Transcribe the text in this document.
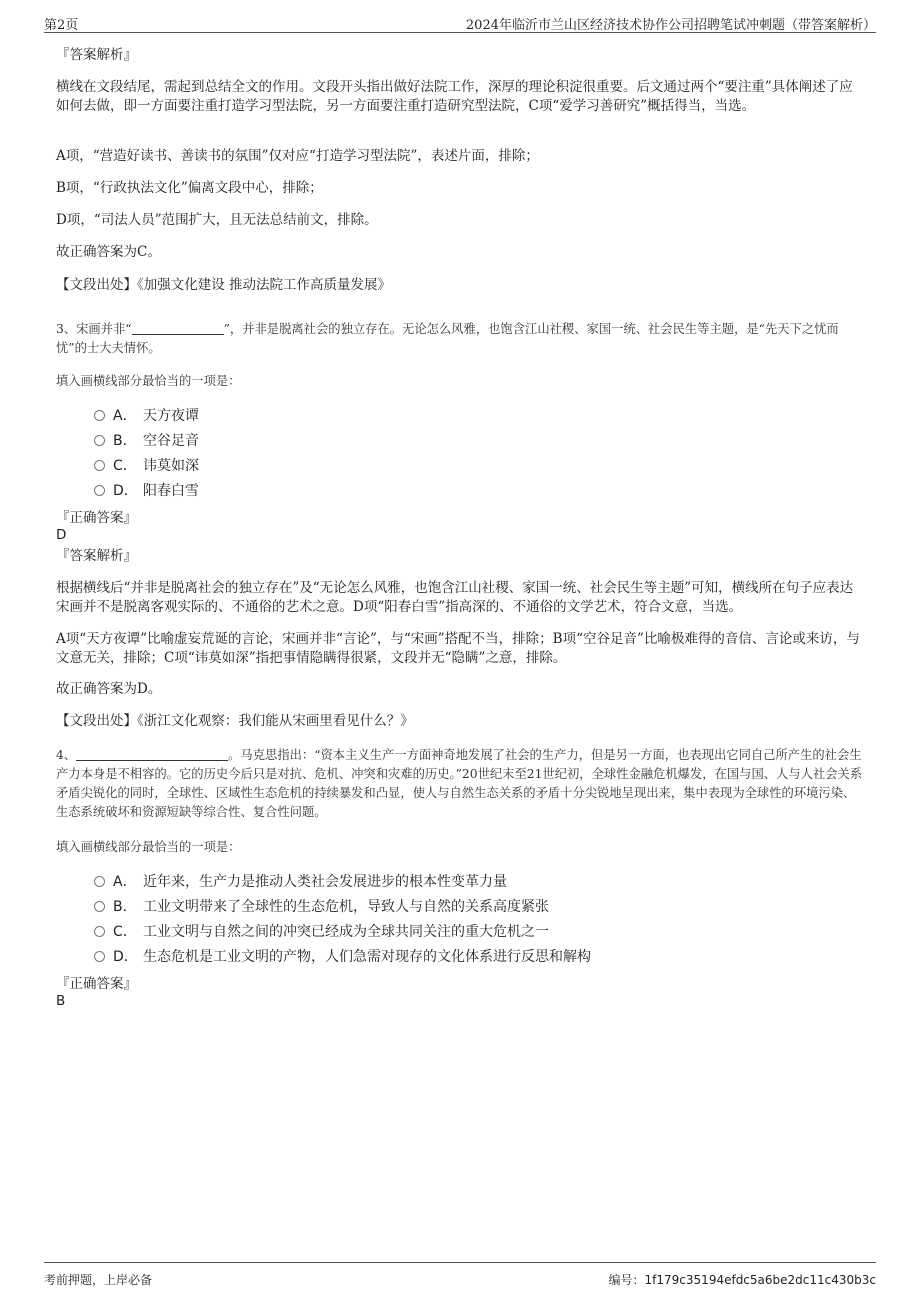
第2页	2024年临沂市兰山区经济技术协作公司招聘笔试冲刺题（带答案解析）
『答案解析』
横线在文段结尾，需起到总结全文的作用。文段开头指出做好法院工作，深厚的理论积淀很重要。后文通过两个“要注重”具体阐述了应如何去做，即一方面要注重打造学习型法院，另一方面要注重打造研究型法院，C项“爱学习善研究”概括得当，当选。
A项，“营造好读书、善读书的氛围”仅对应“打造学习型法院”，表述片面，排除；
B项，“行政执法文化”偏离文段中心，排除；
D项，“司法人员”范围扩大，且无法总结前文，排除。
故正确答案为C。
【文段出处】《加强文化建设 推动法院工作高质量发展》
3、宋画并非“	”，并非是脱离社会的独立存在。无论怎么风雅，也饱含江山社稷、家国一统、社会民生等主题，是“先天下之忧而忧”的士大夫情怀。
填入画横线部分最恰当的一项是：
A． 天方夜谭
B． 空谷足音
C． 讳莫如深
D． 阳春白雪
『正确答案』
D
『答案解析』
根据横线后“并非是脱离社会的独立存在”及“无论怎么风雅，也饱含江山社稷、家国一统、社会民生等主题”可知，横线所在句子应表达宋画并不是脱离客观实际的、不通俗的艺术之意。D项“阳春白雪”指高深的、不通俗的文学艺术，符合文意，当选。
A项“天方夜谭”比喻虚妄荒诞的言论，宋画并非“言论”，与“宋画”搭配不当，排除；B项“空谷足音”比喻极难得的音信、言论或来访，与文意无关，排除；C项“讳莫如深”指把事情隐瞒得很紧，文段并无“隐瞒”之意，排除。
故正确答案为D。
【文段出处】《浙江文化观察：我们能从宋画里看见什么？》
4、	。马克思指出：“资本主义生产一方面神奇地发展了社会的生产力，但是另一方面，也表现出它同自己所产生的社会生产力本身是不相容的。它的历史今后只是对抗、危机、冲突和灾难的历史。”20世纪末至21世纪初，全球性金融危机爆发，在国与国、人与人社会关系矛盾尖锐化的同时，全球性、区域性生态危机的持续暴发和凸显，使人与自然生态关系的矛盾十分尖锐地呈现出来，集中表现为全球性的环境污染、生态系统破坏和资源短缺等综合性、复合性问题。
填入画横线部分最恰当的一项是：
A． 近年来，生产力是推动人类社会发展进步的根本性变革力量
B． 工业文明带来了全球性的生态危机，导致人与自然的关系高度紧张
C． 工业文明与自然之间的冲突已经成为全球共同关注的重大危机之一
D． 生态危机是工业文明的产物，人们急需对现存的文化体系进行反思和解构
『正确答案』
B
考前押题，上岸必备	编号：1f179c35194efdc5a6be2dc11c430b3c
